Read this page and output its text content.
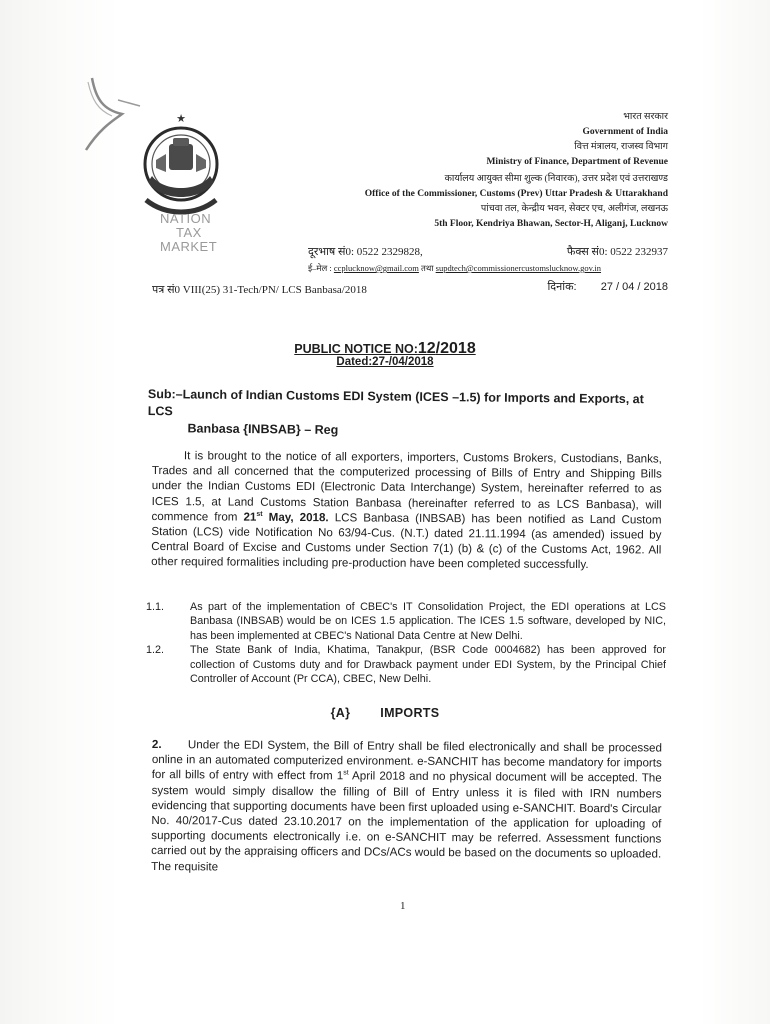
★
NATION
TAX
MARKET
भारत सरकार
Government of India
वित्त मंत्रालय, राजस्व विभाग
Ministry of Finance, Department of Revenue
कार्यालय आयुक्त सीमा शुल्क (निवारक), उत्तर प्रदेश एवं उत्तराखण्ड
Office of the Commissioner, Customs (Prev) Uttar Pradesh & Uttarakhand
पांचवा तल, केन्द्रीय भवन, सेक्टर एच, अलीगंज, लखनऊ
5th Floor, Kendriya Bhawan, Sector-H, Aliganj, Lucknow
दूरभाष सं0: 0522 2329828,	फैक्स सं0: 0522 232937
ई–मेल : ccplucknow@gmail.com तथा supdtech@commissionercustomslucknow.gov.in
पत्र सं0 VIII(25) 31-Tech/PN/ LCS Banbasa/2018	दिनांक: 27 / 04 / 2018
PUBLIC NOTICE NO:12/2018
Dated:27-/04/2018
Sub:–Launch of Indian Customs EDI System (ICES –1.5) for Imports and Exports, at LCS
Banbasa {INBSAB} – Reg
It is brought to the notice of all exporters, importers, Customs Brokers, Custodians, Banks, Trades and all concerned that the computerized processing of Bills of Entry and Shipping Bills under the Indian Customs EDI (Electronic Data Interchange) System, hereinafter referred to as ICES 1.5, at Land Customs Station Banbasa (hereinafter referred to as LCS Banbasa), will commence from 21st May, 2018. LCS Banbasa (INBSAB) has been notified as Land Custom Station (LCS) vide Notification No 63/94-Cus. (N.T.) dated 21.11.1994 (as amended) issued by Central Board of Excise and Customs under Section 7(1) (b) & (c) of the Customs Act, 1962. All other required formalities including pre-production have been completed successfully.
1.1.	As part of the implementation of CBEC's IT Consolidation Project, the EDI operations at LCS Banbasa (INBSAB) would be on ICES 1.5 application. The ICES 1.5 software, developed by NIC, has been implemented at CBEC's National Data Centre at New Delhi.
1.2.	The State Bank of India, Khatima, Tanakpur, (BSR Code 0004682) has been approved for collection of Customs duty and for Drawback payment under EDI System, by the Principal Chief Controller of Account (Pr CCA), CBEC, New Delhi.
{A} IMPORTS
2. Under the EDI System, the Bill of Entry shall be filed electronically and shall be processed online in an automated computerized environment. e-SANCHIT has become mandatory for imports for all bills of entry with effect from 1st April 2018 and no physical document will be accepted. The system would simply disallow the filling of Bill of Entry unless it is filed with IRN numbers evidencing that supporting documents have been first uploaded using e-SANCHIT. Board's Circular No. 40/2017-Cus dated 23.10.2017 on the implementation of the application for uploading of supporting documents electronically i.e. on e-SANCHIT may be referred. Assessment functions carried out by the appraising officers and DCs/ACs would be based on the documents so uploaded. The requisite
1
